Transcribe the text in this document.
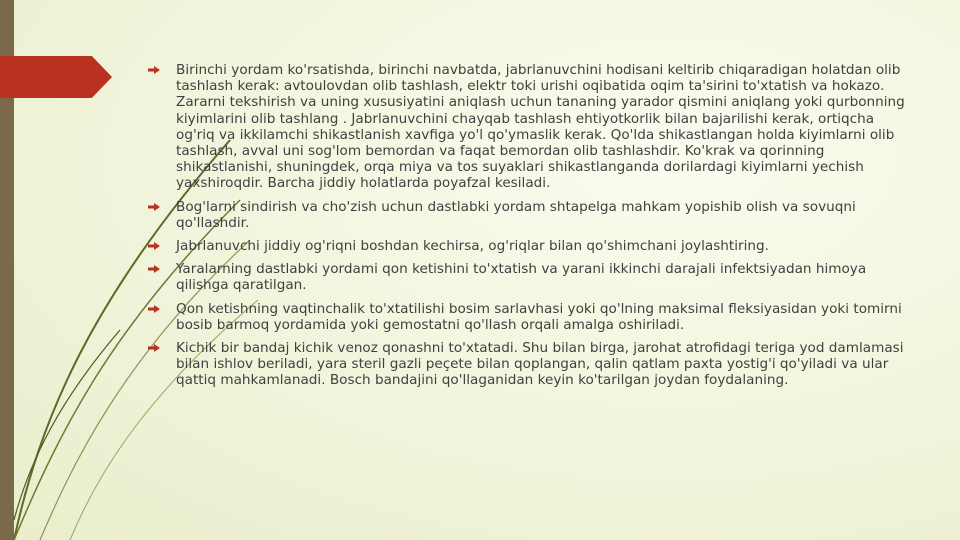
Birinchi yordam ko'rsatishda, birinchi navbatda, jabrlanuvchini hodisani keltirib chiqaradigan holatdan olib tashlash kerak: avtoulovdan olib tashlash, elektr toki urishi oqibatida oqim ta'sirini to'xtatish va hokazo. Zararni tekshirish va uning xususiyatini aniqlash uchun tananing yarador qismini aniqlang yoki qurbonning kiyimlarini olib tashlang . Jabrlanuvchini chayqab tashlash ehtiyotkorlik bilan bajarilishi kerak, ortiqcha og'riq va ikkilamchi shikastlanish xavfiga yo'l qo'ymaslik kerak. Qo'lda shikastlangan holda kiyimlarni olib tashlash, avval uni sog'lom bemordan va faqat bemordan olib tashlashdir. Ko'krak va qorinning shikastlanishi, shuningdek, orqa miya va tos suyaklari shikastlanganda dorilardagi kiyimlarni yechish yaxshiroqdir. Barcha jiddiy holatlarda poyafzal kesiladi.
Bog'larni sindirish va cho'zish uchun dastlabki yordam shtapelga mahkam yopishib olish va sovuqni qo'llashdir.
Jabrlanuvchi jiddiy og'riqni boshdan kechirsa, og'riqlar bilan qo'shimchani joylashtiring.
Yaralarning dastlabki yordami qon ketishini to'xtatish va yarani ikkinchi darajali infektsiyadan himoya qilishga qaratilgan.
Qon ketishning vaqtinchalik to'xtatilishi bosim sarlavhasi yoki qo'lning maksimal fleksiyasidan yoki tomirni bosib barmoq yordamida yoki gemostatni qo'llash orqali amalga oshiriladi.
Kichik bir bandaj kichik venoz qonashni to'xtatadi. Shu bilan birga, jarohat atrofidagi teriga yod damlamasi bilan ishlov beriladi, yara steril gazli peçete bilan qoplangan, qalin qatlam paxta yostig'i qo'yiladi va ular qattiq mahkamlanadi. Bosch bandajini qo'llaganidan keyin ko'tarilgan joydan foydalaning.
